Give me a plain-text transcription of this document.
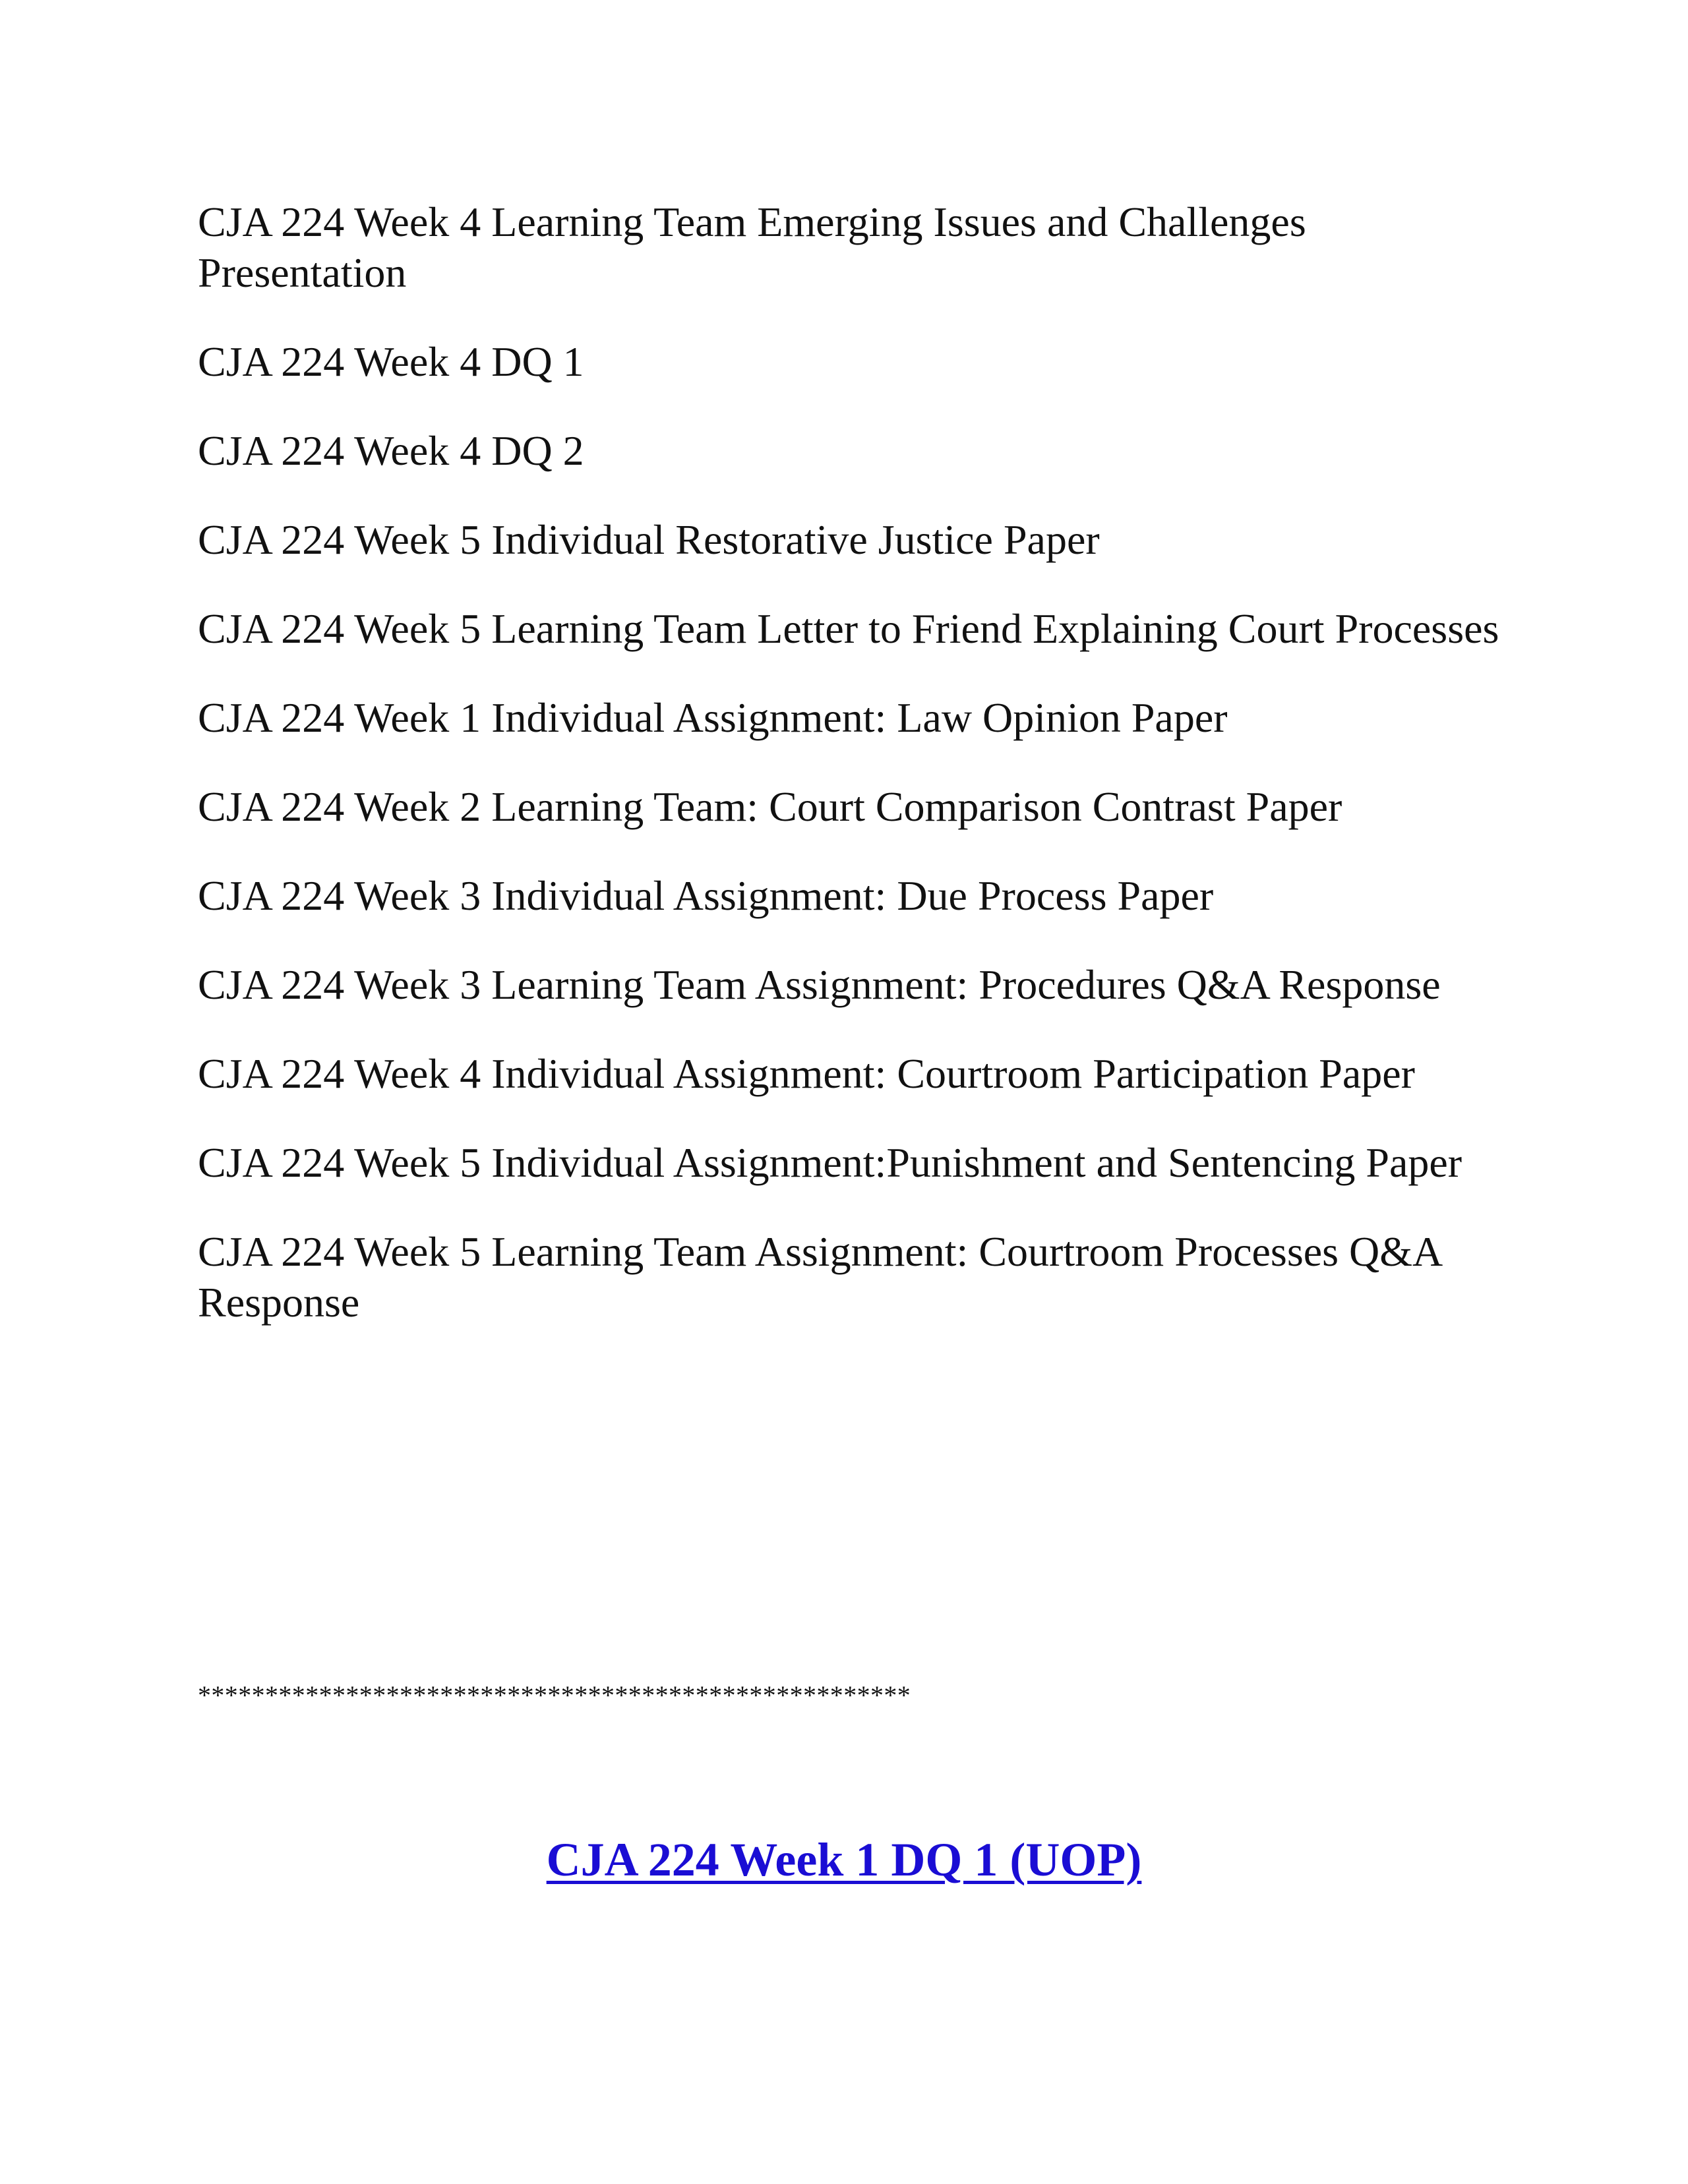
CJA 224 Week 4 Learning Team Emerging Issues and Challenges Presentation

CJA 224 Week 4 DQ 1

CJA 224 Week 4 DQ 2

CJA 224 Week 5 Individual Restorative Justice Paper

CJA 224 Week 5 Learning Team Letter to Friend Explaining Court Processes

CJA 224 Week 1 Individual Assignment: Law Opinion Paper

CJA 224 Week 2 Learning Team: Court Comparison Contrast Paper

CJA 224 Week 3 Individual Assignment: Due Process Paper

CJA 224 Week 3 Learning Team Assignment: Procedures Q&A Response

CJA 224 Week 4 Individual Assignment: Courtroom Participation Paper

CJA 224 Week 5 Individual Assignment:Punishment and Sentencing Paper

CJA 224 Week 5 Learning Team Assignment: Courtroom Processes Q&A Response

*****************************************************
CJA 224 Week 1 DQ 1 (UOP)
